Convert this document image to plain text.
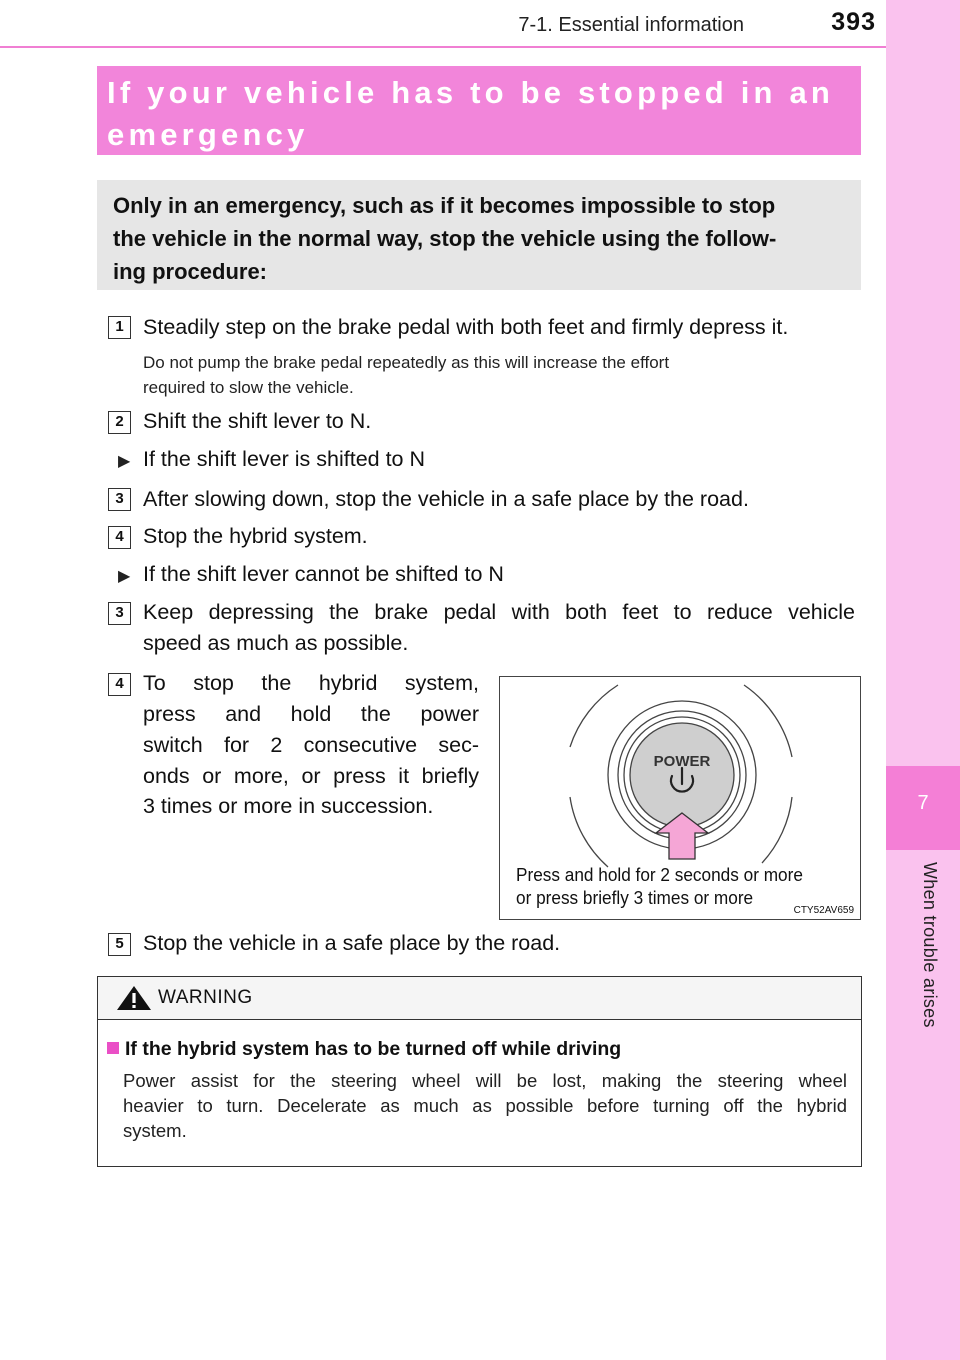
7-1. Essential information	393
7
When trouble arises
If your vehicle has to be stopped in an
emergency
Only in an emergency, such as if it becomes impossible to stop
the vehicle in the normal way, stop the vehicle using the follow-
ing procedure:
1 Steadily step on the brake pedal with both feet and firmly depress it.
Do not pump the brake pedal repeatedly as this will increase the effort
required to slow the vehicle.
2 Shift the shift lever to N.
▶ If the shift lever is shifted to N
3 After slowing down, stop the vehicle in a safe place by the road.
4 Stop the hybrid system.
▶ If the shift lever cannot be shifted to N
3 Keep depressing the brake pedal with both feet to reduce vehicle
speed as much as possible.
4 To stop the hybrid system,
press and hold the power
switch for 2 consecutive sec-
onds or more, or press it briefly
3 times or more in succession.
POWER
Press and hold for 2 seconds or more
or press briefly 3 times or more
CTY52AV659
5 Stop the vehicle in a safe place by the road.
WARNING
If the hybrid system has to be turned off while driving
Power assist for the steering wheel will be lost, making the steering wheel
heavier to turn. Decelerate as much as possible before turning off the hybrid
system.
